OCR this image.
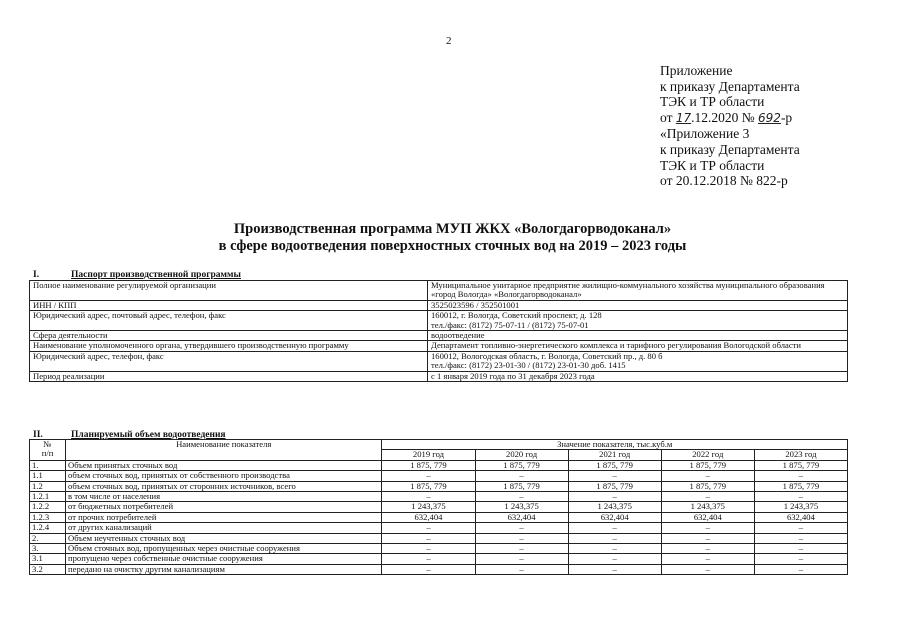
2
Приложение
к приказу Департамента
ТЭК и ТР области
от 17.12.2020 № 692-р
«Приложение 3
к приказу Департамента
ТЭК и ТР области
от 20.12.2018 № 822-р
Производственная программа МУП ЖКХ «Вологдагорводоканал»
в сфере водоотведения поверхностных сточных вод на 2019 – 2023 годы
I.	Паспорт производственной программы
Полное наименование регулируемой организации	Муниципальное унитарное предприятие жилищно-коммунального хозяйства муниципального образования «город Вологда» «Вологдагорводоканал»
ИНН / КПП	3525023596 / 352501001
Юридический адрес, почтовый адрес, телефон, факс	160012, г. Вологда, Советский проспект, д. 128
тел./факс: (8172) 75-07-11 / (8172) 75-07-01
Сфера деятельности	водоотведение
Наименование уполномоченного органа, утвердившего производственную программу	Департамент топливно-энергетического комплекса и тарифного регулирования Вологодской области
Юридический адрес, телефон, факс	160012, Вологодская область, г. Вологда, Советский пр., д. 80 б
тел./факс: (8172) 23-01-30 / (8172) 23-01-30 доб. 1415
Период реализации	с 1 января 2019 года по 31 декабря 2023 года
II.	Планируемый объем водоотведения
№
п/п	Наименование показателя	Значение показателя, тыс.куб.м				
		2019 год	2020 год	2021 год	2022 год	2023 год
1.	Объем принятых сточных вод	1 875, 779	1 875, 779	1 875, 779	1 875, 779	1 875, 779
1.1	объем сточных вод, принятых от собственного производства	–	–	–	–	–
1.2	объем сточных вод, принятых от сторонних источников, всего	1 875, 779	1 875, 779	1 875, 779	1 875, 779	1 875, 779
1.2.1	в том числе от населения	–	–	–	–	–
1.2.2	от бюджетных потребителей	1 243,375	1 243,375	1 243,375	1 243,375	1 243,375
1.2.3	от прочих потребителей	632,404	632,404	632,404	632,404	632,404
1.2.4	от других канализаций	–	–	–	–	–
2.	Объем неучтенных сточных вод	–	–	–	–	–
3.	Объем сточных вод, пропущенных через очистные сооружения	–	–	–	–	–
3.1	пропущено через собственные очистные сооружения	–	–	–	–	–
3.2	передано на очистку другим канализациям	–	–	–	–	–
